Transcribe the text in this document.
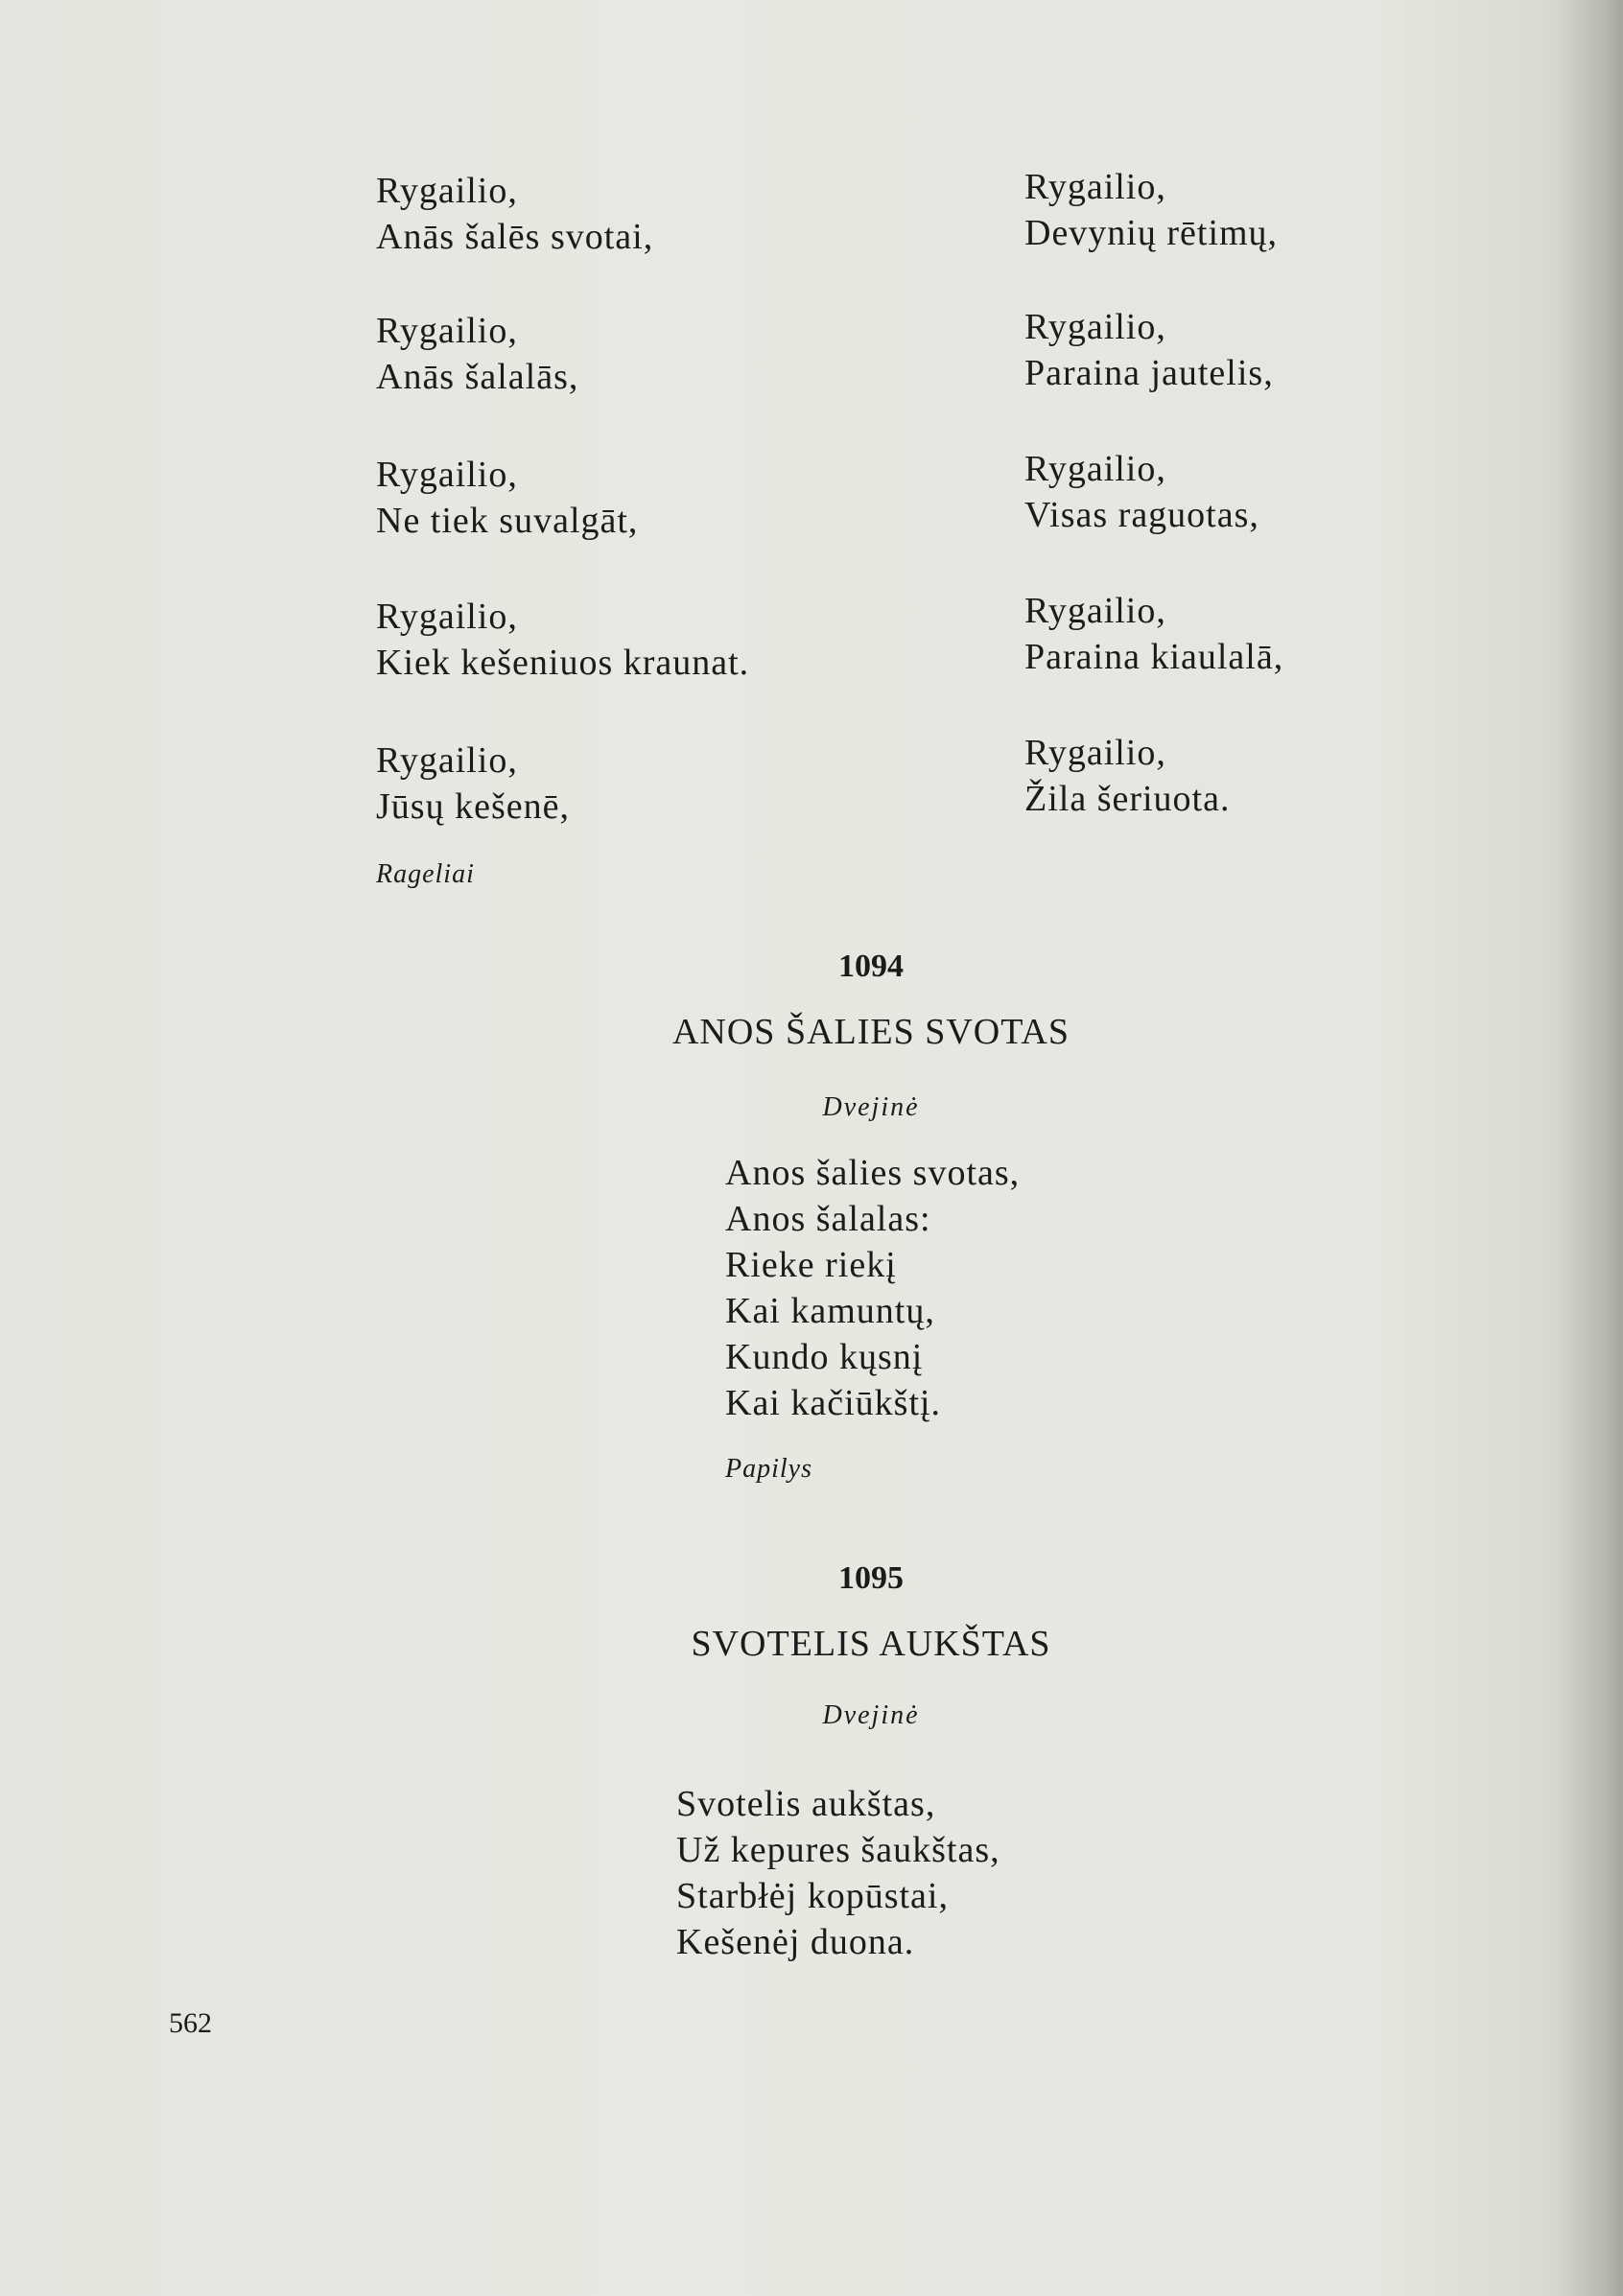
Rygailio,
Anās šalēs svotai,
Rygailio,
Anās šalalās,
Rygailio,
Ne tiek suvalgāt,
Rygailio,
Kiek kešeniuos kraunat.
Rygailio,
Jūsų kešenē,
Rageliai
Rygailio,
Devynių rētimų,
Rygailio,
Paraina jautelis,
Rygailio,
Visas raguotas,
Rygailio,
Paraina kiaulalā,
Rygailio,
Žila šeriuota.
1094
ANOS ŠALIES SVOTAS
Dvejinė
Anos šalies svotas,
Anos šalalas:
Rieke riekį
Kai kamuntų,
Kundo kųsnį
Kai kačiūkštį.
Papilys
1095
SVOTELIS AUKŠTAS
Dvejinė
Svotelis aukštas,
Už kepures šaukštas,
Starbłėj kopūstai,
Kešenėj duona.
562
